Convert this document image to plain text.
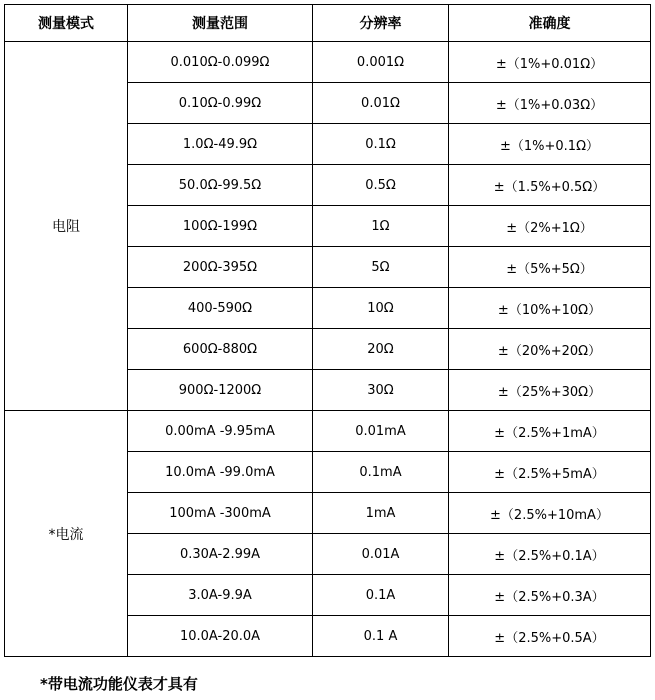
测量模式	测量范围	分辨率	准确度
电阻	0.010Ω-0.099Ω	0.001Ω	±（1%+0.01Ω）
	0.10Ω-0.99Ω	0.01Ω	±（1%+0.03Ω）
	1.0Ω-49.9Ω	0.1Ω	±（1%+0.1Ω）
	50.0Ω-99.5Ω	0.5Ω	±（1.5%+0.5Ω）
	100Ω-199Ω	1Ω	±（2%+1Ω）
	200Ω-395Ω	5Ω	±（5%+5Ω）
	400-590Ω	10Ω	±（10%+10Ω）
	600Ω-880Ω	20Ω	±（20%+20Ω）
	900Ω-1200Ω	30Ω	±（25%+30Ω）
*电流	0.00mA -9.95mA	0.01mA	±（2.5%+1mA）
	10.0mA -99.0mA	0.1mA	±（2.5%+5mA）
	100mA -300mA	1mA	±（2.5%+10mA）
	0.30A-2.99A	0.01A	±（2.5%+0.1A）
	3.0A-9.9A	0.1A	±（2.5%+0.3A）
	10.0A-20.0A	0.1 A	±（2.5%+0.5A）
*带电流功能仪表才具有
